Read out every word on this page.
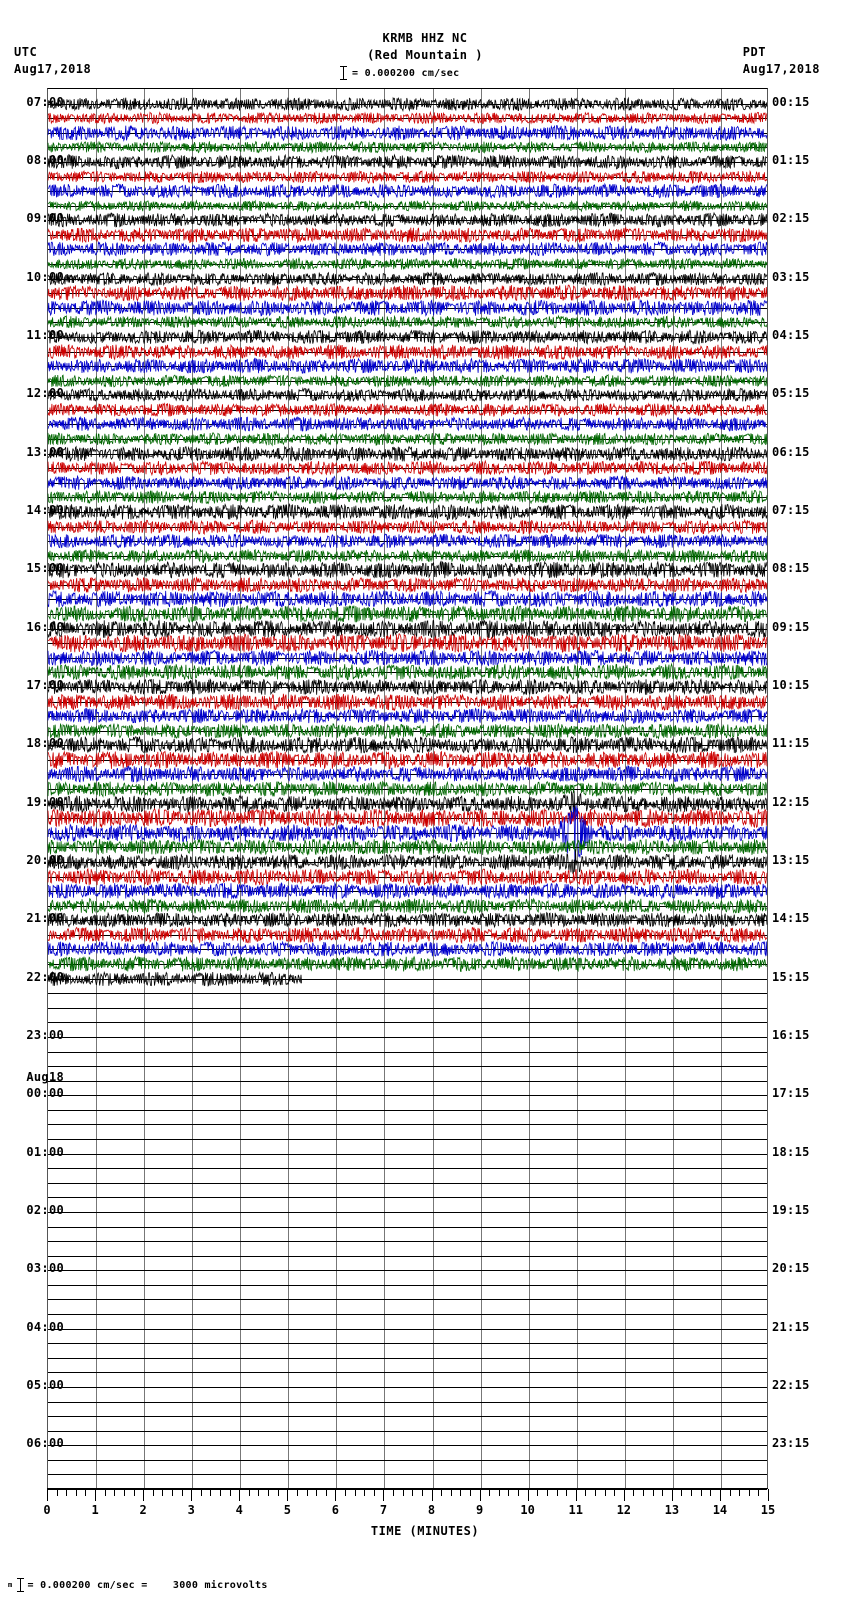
UTC
Aug17,2018
KRMB HHZ NC
(Red Mountain )
= 0.000200 cm/sec
PDT
Aug17,2018
07:00
08:00
09:00
10:00
11:00
12:00
13:00
14:00
15:00
16:00
17:00
18:00
19:00
20:00
21:00
22:00
23:00
00:00
01:00
02:00
03:00
04:00
05:00
06:00
00:15
01:15
02:15
03:15
04:15
05:15
06:15
07:15
08:15
09:15
10:15
11:15
12:15
13:15
14:15
15:15
16:15
17:15
18:15
19:15
20:15
21:15
22:15
23:15
Aug18
0	1	2	3	4	5	6	7	8	9	10	11	12	13	14	15
TIME (MINUTES)
m = 0.000200 cm/sec =    3000 microvolts
